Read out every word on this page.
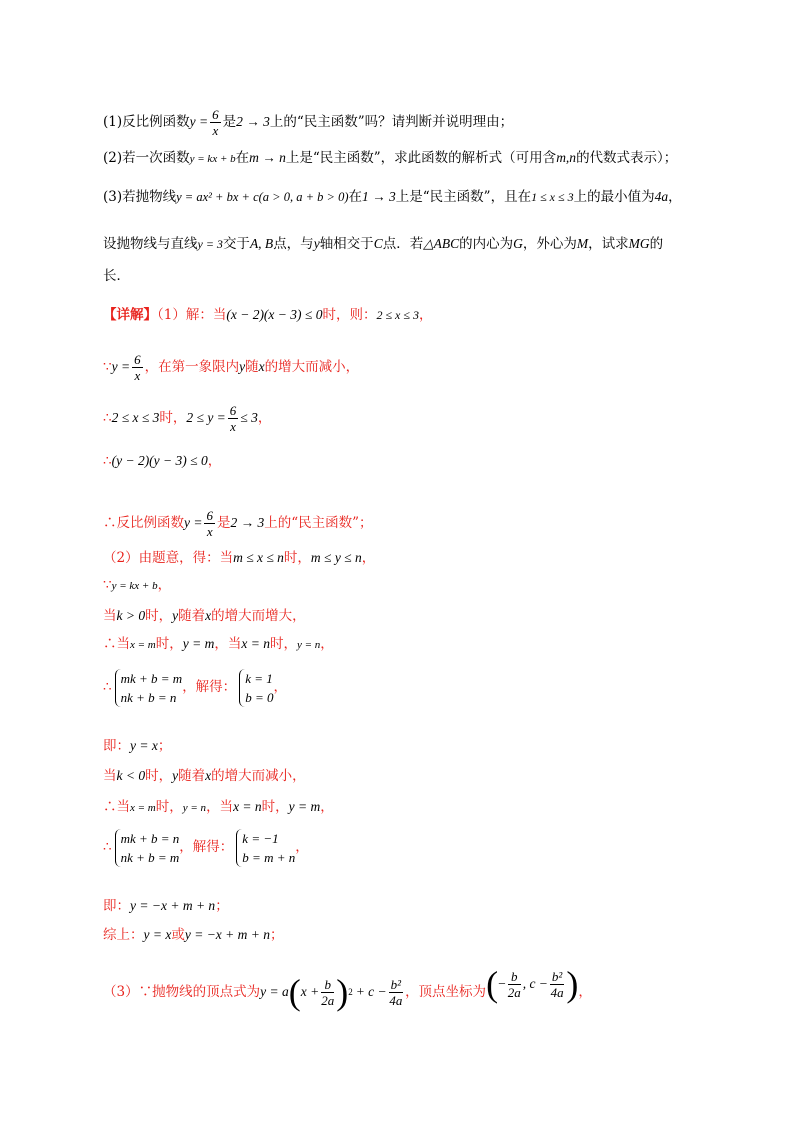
(1)反比例函数$y = \frac{6}{x}$ 是2 → 3上的“民主函数”吗？请判断并说明理由；
(2)若一次函数y = kx + b在m → n上是“民主函数”，求此函数的解析式（可用含m,n的代数式表示）；
(3)若抛物线y = ax² + bx + c(a > 0, a + b > 0)在1 → 3上是“民主函数”，且在1 ≤ x ≤ 3上的最小值为4a，
设抛物线与直线y = 3交于A, B点，与y轴相交于C点．若△ABC的内心为G，外心为M，试求MG的
长．
【详解】（1）解：当(x − 2)(x − 3) ≤ 0时，则：2 ≤ x ≤ 3，
∵y = $\frac{6}{x}$ ，在第一象限内y随x的增大而减小，
∴2 ≤ x ≤ 3时，$2 \le y = \frac{6}{x} \le 3$，
∴(y − 2)(y − 3) ≤ 0，
∴反比例函数$y = \frac{6}{x}$ 是2 → 3上的“民主函数”；
（2）由题意，得：当m ≤ x ≤ n时，m ≤ y ≤ n，
∵y = kx + b，
当k > 0时，y随着x的增大而增大，
∴当x = m时，y = m，当x = n时，y = n，
∴
mk + b = m
nk + b = n
，解得：
k = 1
b = 0
，
即：y = x；
当k < 0时，y随着x的增大而减小，
∴当x = m时，y = n，当x = n时，y = m，
∴
mk + b = n
nk + b = m
，解得：
k = −1
b = m + n
，
即：y = −x + m + n；
综上：y = x或y = −x + m + n；
（3）∵抛物线的顶点式为 y = a ( $x + \frac{b}{2a}$ ) $2 + c - \frac{\text{b²}}{4a}$ ，顶点坐标为 ( − $\frac{b}{2a}$ , $c - \frac{\text{b²}}{4a}$ ) ，
